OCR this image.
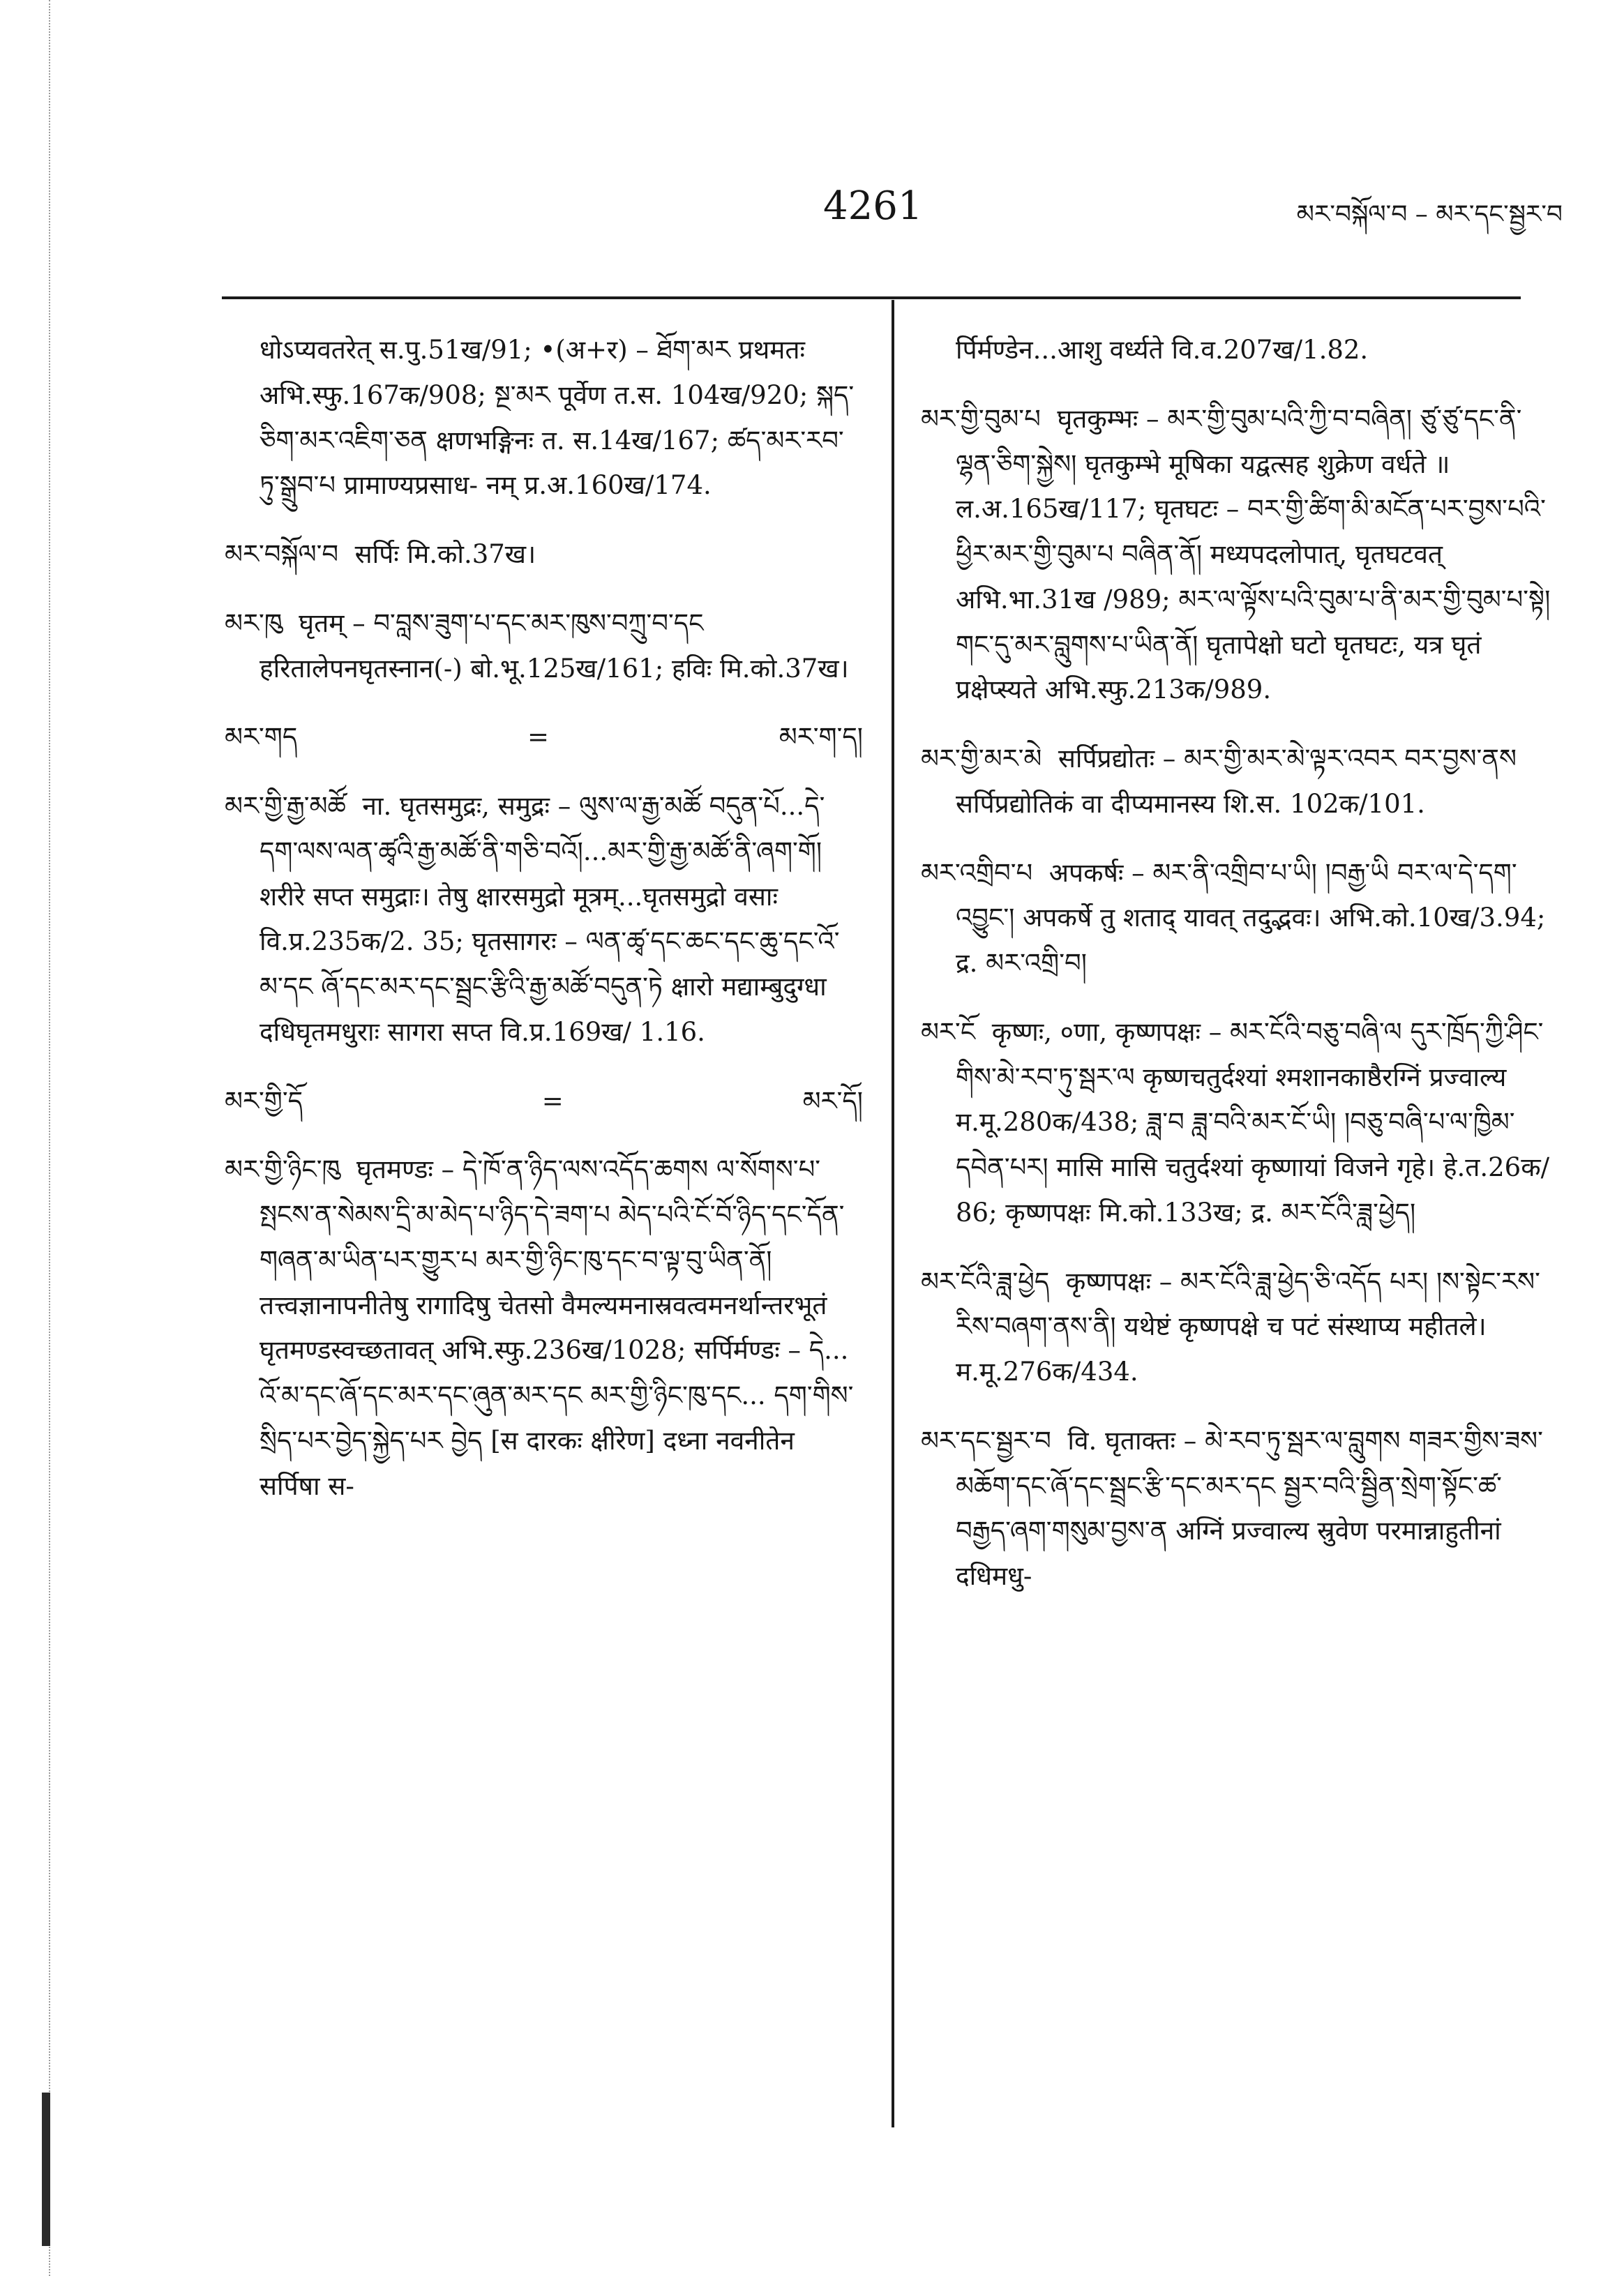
4261	མར་བསྐོལ་བ – མར་དང་སྦྱར་བ

धोऽप्यवतरेत् स.पु.51ख/91; •(अ+र) – ཐོག་མར प्रथमतः अभि.स्फु.167क/908; སྔ་མར पूर्वेण त.स. 104ख/920; སྐད་ཅིག་མར་འཇིག་ཅན क्षणभङ्गिनः त. स.14ख/167; ཚད་མར་རབ་ཏུ་སྒྲུབ་པ प्रामाण्यप्रसाध- नम् प्र.अ.160ख/174.

མར་བསྐོལ་བ सर्पिः मि.को.37ख।

མར་ཁུ घृतम् – བ་བླས་ཟུག་པ་དང་མར་ཁུས་བཀྲུ་བ་དང हरितालेपनघृतस्नान(-) बो.भू.125ख/161; हविः मि.को.37ख।

མར་གད	=	མར་ག་ད།

མར་གྱི་རྒྱ་མཚོ ना. घृतसमुद्रः, समुद्रः – ལུས་ལ་རྒྱ་མཚོ བདུན་པོ...དེ་དག་ལས་ལན་ཚྭའི་རྒྱ་མཚོ་ནི་གཅི་བའོ།...མར་གྱི་རྒྱ་མཚོ་ནི་ཞག་གོ། शरीरे सप्त समुद्राः। तेषु क्षारसमुद्रो मूत्रम्...घृतसमुद्रो वसाः वि.प्र.235क/2. 35; घृतसागरः – ལན་ཚྭ་དང་ཆང་དང་ཆུ་དང་འོ་མ་དང ཞོ་དང་མར་དང་སྦྲང་རྩིའི་རྒྱ་མཚོ་བདུན་ཏེ क्षारो मद्याम्बुदुग्धा दधिघृतमधुराः सागरा सप्त वि.प्र.169ख/ 1.16.

མར་གྱི་དོ	=	མར་དོ།

མར་གྱི་ཉིང་ཁུ घृतमण्डः – དེ་ཁོ་ན་ཉིད་ལས་འདོད་ཆགས ལ་སོགས་པ་སྤངས་ན་སེམས་དྲི་མ་མེད་པ་ཉིད་དེ་ཟག་པ མེད་པའི་ངོ་བོ་ཉིད་དང་དོན་གཞན་མ་ཡིན་པར་གྱུར་པ མར་གྱི་ཉིང་ཁུ་དང་བ་ལྟ་བུ་ཡིན་ནོ། तत्त्वज्ञानापनीतेषु रागादिषु चेतसो वैमल्यमनास्रवत्वमनर्थान्तरभूतं घृतमण्डस्वच्छतावत् अभि.स्फु.236ख/1028; सर्पिर्मण्डः – དེ... འོ་མ་དང་ཞོ་དང་མར་དང་ཞུན་མར་དང མར་གྱི་ཉིང་ཁུ་དང... དག་གིས་སྲིད་པར་བྱེད་སྐྱེད་པར བྱེད [स दारकः क्षीरेण] दध्ना नवनीतेन सर्पिषा स-

र्पिर्मण्डेन...आशु वर्ध्यते वि.व.207ख/1.82.

མར་གྱི་བུམ་པ घृतकुम्भः – མར་གྱི་བུམ་པའི་ཀྱི་བ་བཞིན། ཙུ་ཙུ་དང་ནི་ལྷན་ཅིག་སྐྱེས། घृतकुम्भे मूषिका यद्वत्सह शुक्रेण वर्धते ॥ ल.अ.165ख/117; घृतघटः – བར་གྱི་ཚིག་མི་མངོན་པར་བྱས་པའི་ཕྱིར་མར་གྱི་བུམ་པ བཞིན་ནོ། मध्यपदलोपात्, घृतघटवत् अभि.भा.31ख /989; མར་ལ་ལྟོས་པའི་བུམ་པ་ནི་མར་གྱི་བུམ་པ་སྟེ། གང་དུ་མར་བླུགས་པ་ཡིན་ནོ། घृतापेक्षो घटो घृतघटः, यत्र घृतं प्रक्षेप्स्यते अभि.स्फु.213क/989.

མར་གྱི་མར་མེ सर्पिप्रद्योतः – མར་གྱི་མར་མེ་ལྟར་འབར བར་བྱས་ནས सर्पिप्रद्योतिकं वा दीप्यमानस्य शि.स. 102क/101.

མར་འགྲིབ་པ अपकर्षः – མར་ནི་འགྲིབ་པ་ཡི། །བརྒྱ་ཡི བར་ལ་དེ་དག་འབྱུང་། अपकर्षे तु शताद् यावत् तदुद्भवः। अभि.को.10ख/3.94; द्र. མར་འགྲི་བ།

མར་ངོ कृष्णः, ०णा, कृष्णपक्षः – མར་ངོའི་བཅུ་བཞི་ལ དུར་ཁྲོད་ཀྱི་ཤིང་གིས་མེ་རབ་ཏུ་སྦར་ལ कृष्णचतुर्दश्यां श्मशानकाष्ठैरग्निं प्रज्वाल्य म.मू.280क/438; ཟླ་བ ཟླ་བའི་མར་ངོ་ཡི། །བཅུ་བཞི་པ་ལ་ཁྱིམ་དབེན་པར། मासि मासि चतुर्दश्यां कृष्णायां विजने गृहे। हे.त.26क/ 86; कृष्णपक्षः मि.को.133ख; द्र. མར་ངོའི་ཟླ་ཕྱེད།

མར་ངོའི་ཟླ་ཕྱེད कृष्णपक्षः – མར་ངོའི་ཟླ་ཕྱེད་ཅི་འདོད པར། །ས་སྟེང་རས་རིས་བཞག་ནས་ནི། यथेष्टं कृष्णपक्षे च पटं संस्थाप्य महीतले। म.मू.276क/434.

མར་དང་སྦྱར་བ वि. घृताक्तः – མེ་རབ་ཏུ་སྦར་ལ་བླུགས གཟར་གྱིས་ཟས་མཆོག་དང་ཞོ་དང་སྦྲང་རྩི་དང་མར་དང སྦྱར་བའི་སྦྱིན་སྲེག་སྟོང་ཚ་བརྒྱད་ཞག་གསུམ་བྱས་ན अग्निं प्रज्वाल्य स्रुवेण परमान्नाहुतीनां दधिमधु-
